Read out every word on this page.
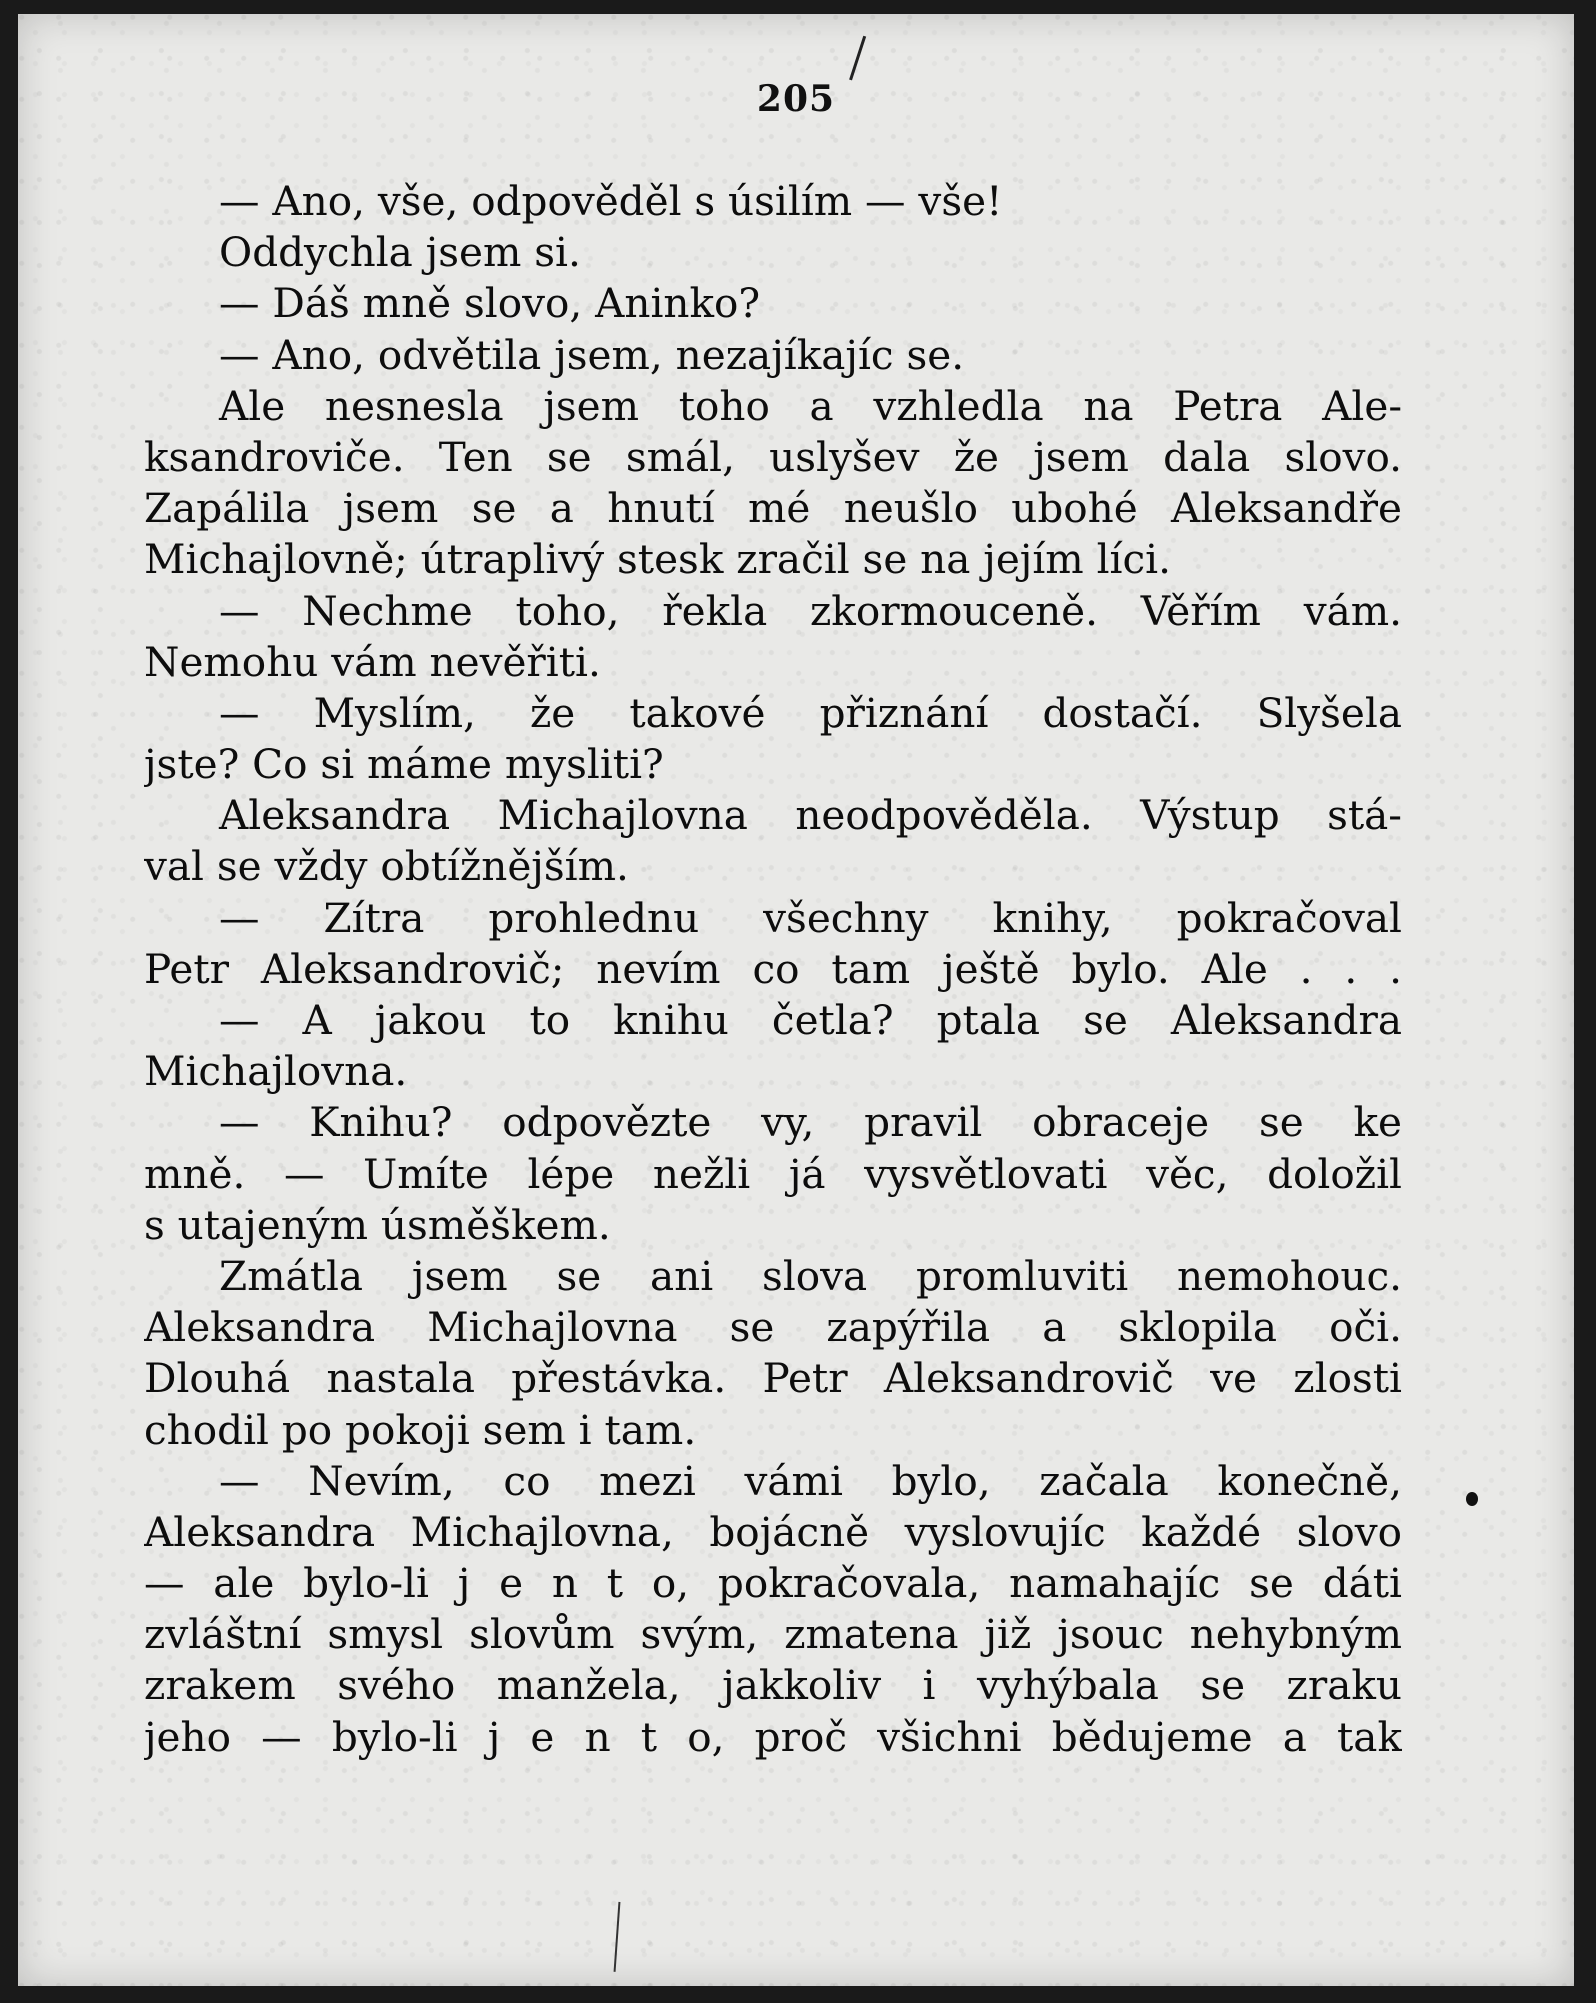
205
— Ano, vše, odpověděl s úsilím — vše!
Oddychla jsem si.
— Dáš mně slovo, Aninko?
— Ano, odvětila jsem, nezajíkajíc se.
Ale nesnesla jsem toho a vzhledla na Petra Ale-
ksandroviče. Ten se smál, uslyšev že jsem dala slovo.
Zapálila jsem se a hnutí mé neušlo ubohé Aleksandře
Michajlovně; útraplivý stesk zračil se na jejím líci.
— Nechme toho, řekla zkormouceně. Věřím vám.
Nemohu vám nevěřiti.
— Myslím, že takové přiznání dostačí. Slyšela
jste? Co si máme mysliti?
Aleksandra Michajlovna neodpověděla. Výstup stá-
val se vždy obtížnějším.
— Zítra prohlednu všechny knihy, pokračoval
Petr Aleksandrovič; nevím co tam ještě bylo. Ale . . .
— A jakou to knihu četla? ptala se Aleksandra
Michajlovna.
— Knihu? odpovězte vy, pravil obraceje se ke
mně. — Umíte lépe nežli já vysvětlovati věc, doložil
s utajeným úsměškem.
Zmátla jsem se ani slova promluviti nemohouc.
Aleksandra Michajlovna se zapýřila a sklopila oči.
Dlouhá nastala přestávka. Petr Aleksandrovič ve zlosti
chodil po pokoji sem i tam.
— Nevím, co mezi vámi bylo, začala konečně,
Aleksandra Michajlovna, bojácně vyslovujíc každé slovo
— ale bylo-li j e n t o, pokračovala, namahajíc se dáti
zvláštní smysl slovům svým, zmatena již jsouc nehybným
zrakem svého manžela, jakkoliv i vyhýbala se zraku
jeho — bylo-li j e n t o, proč všichni bědujeme a tak
